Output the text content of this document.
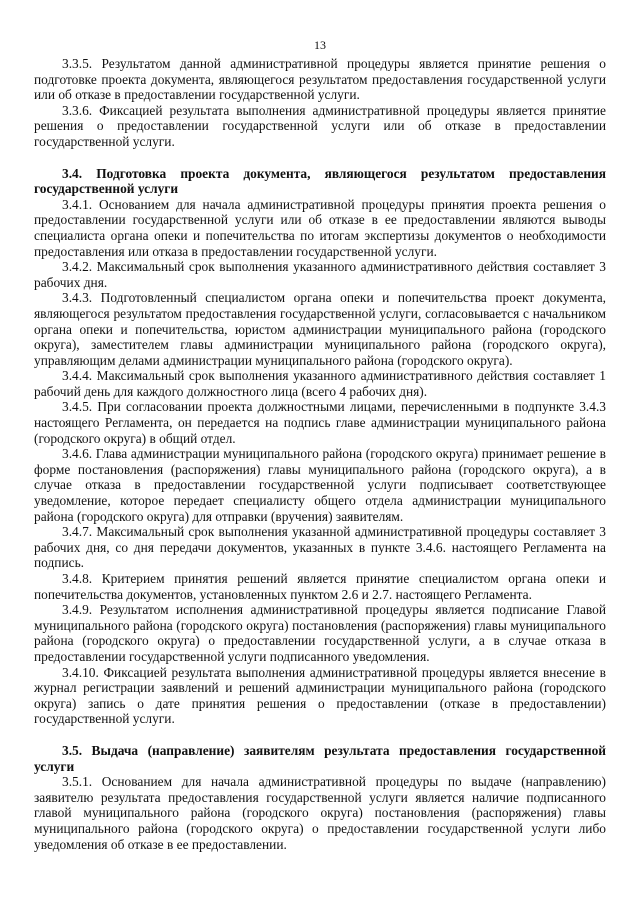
13

3.3.5. Результатом данной административной процедуры является принятие решения о подготовке проекта документа, являющегося результатом предоставления государственной услуги или об отказе в предоставлении государственной услуги.

3.3.6. Фиксацией результата выполнения административной процедуры является принятие решения о предоставлении государственной услуги или об отказе в предоставлении государственной услуги.

3.4. Подготовка проекта документа, являющегося результатом предоставления государственной услуги

3.4.1. Основанием для начала административной процедуры принятия проекта решения о предоставлении государственной услуги или об отказе в ее предоставлении являются выводы специалиста органа опеки и попечительства по итогам экспертизы документов о необходимости предоставления или отказа в предоставлении государственной услуги.

3.4.2. Максимальный срок выполнения указанного административного действия составляет 3 рабочих дня.

3.4.3. Подготовленный специалистом органа опеки и попечительства проект документа, являющегося результатом предоставления государственной услуги, согласовывается с начальником органа опеки и попечительства, юристом администрации муниципального района (городского округа), заместителем главы администрации муниципального района (городского округа), управляющим делами администрации муниципального района (городского округа).

3.4.4. Максимальный срок выполнения указанного административного действия составляет 1 рабочий день для каждого должностного лица (всего 4 рабочих дня).

3.4.5. При согласовании проекта должностными лицами, перечисленными в подпункте 3.4.3 настоящего Регламента, он передается на подпись главе администрации муниципального района (городского округа) в общий отдел.

3.4.6. Глава администрации муниципального района (городского округа) принимает решение в форме постановления (распоряжения) главы муниципального района (городского округа), а в случае отказа в предоставлении государственной услуги подписывает соответствующее уведомление, которое передает специалисту общего отдела администрации муниципального района (городского округа) для отправки (вручения) заявителям.

3.4.7. Максимальный срок выполнения указанной административной процедуры составляет 3 рабочих дня, со дня передачи документов, указанных в пункте 3.4.6. настоящего Регламента на подпись.

3.4.8. Критерием принятия решений является принятие специалистом органа опеки и попечительства документов, установленных пунктом 2.6 и 2.7. настоящего Регламента.

3.4.9. Результатом исполнения административной процедуры является подписание Главой муниципального района (городского округа) постановления (распоряжения) главы муниципального района (городского округа) о предоставлении государственной услуги, а в случае отказа в предоставлении государственной услуги подписанного уведомления.

3.4.10. Фиксацией результата выполнения административной процедуры является внесение в журнал регистрации заявлений и решений администрации муниципального района (городского округа) запись о дате принятия решения о предоставлении (отказе в предоставлении) государственной услуги.

3.5. Выдача (направление) заявителям результата предоставления государственной услуги

3.5.1. Основанием для начала административной процедуры по выдаче (направлению) заявителю результата предоставления государственной услуги является наличие подписанного главой муниципального района (городского округа) постановления (распоряжения) главы муниципального района (городского округа) о предоставлении государственной услуги либо уведомления об отказе в ее предоставлении.
